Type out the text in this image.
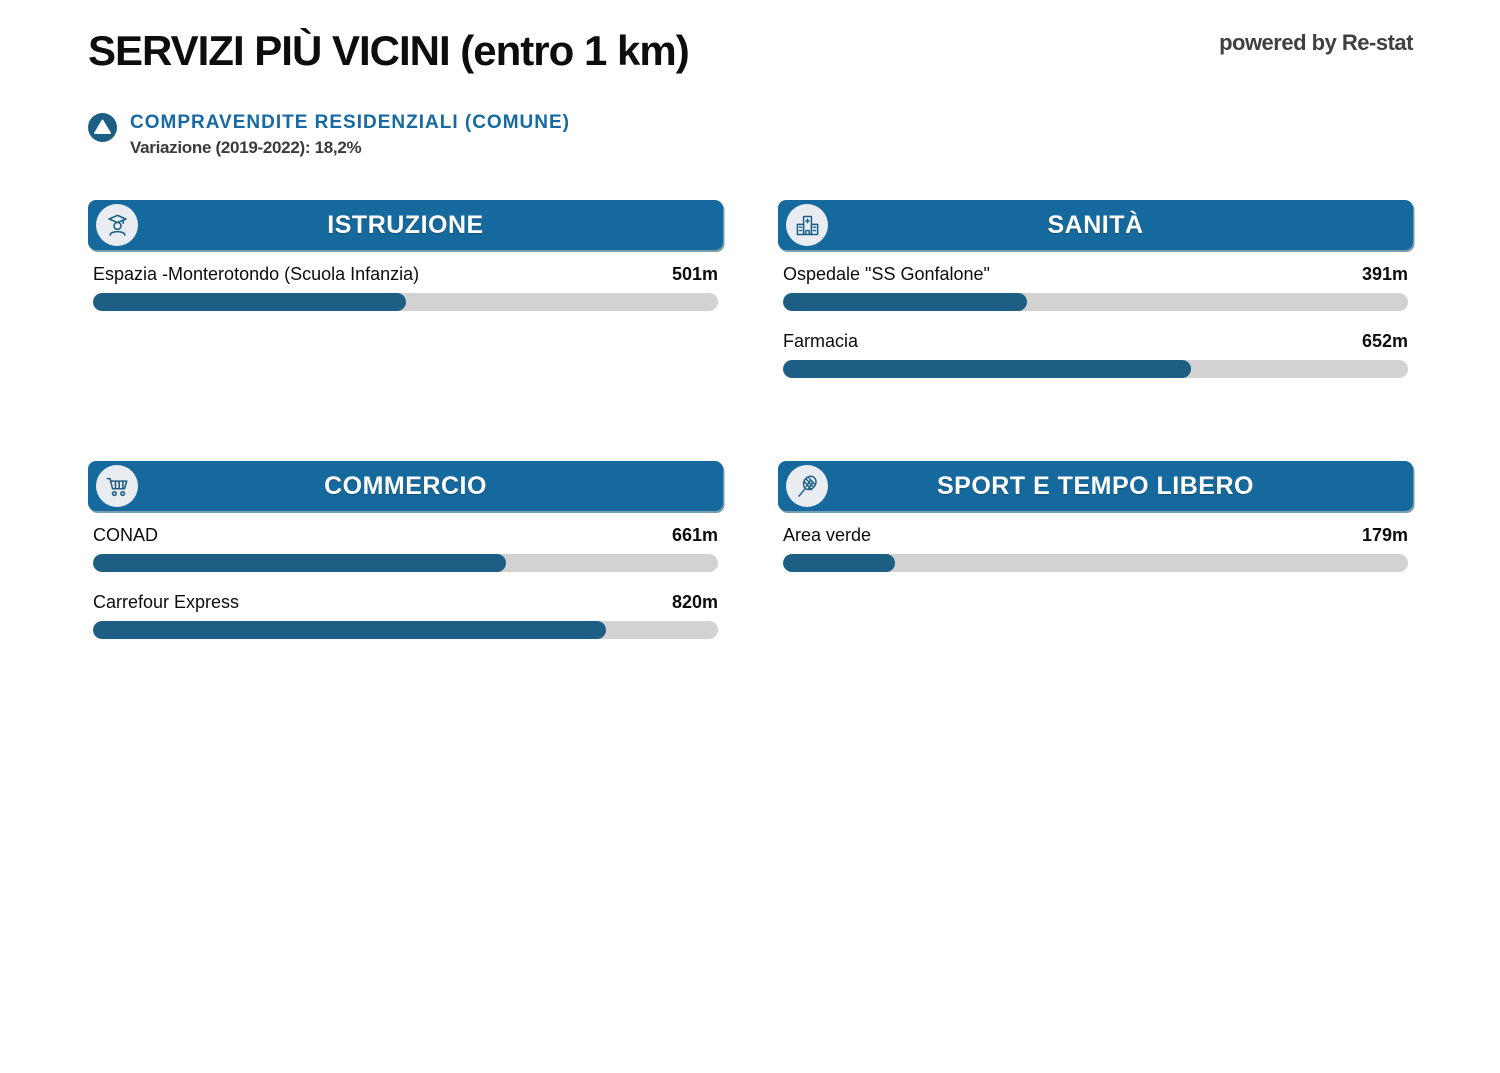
SERVIZI PIÙ VICINI (entro 1 km)	powered by Re-stat
COMPRAVENDITE RESIDENZIALI (COMUNE)
Variazione (2019-2022): 18,2%
ISTRUZIONE
Espazia -Monterotondo (Scuola Infanzia)	501m
SANITÀ
Ospedale "SS Gonfalone"	391m
Farmacia	652m
COMMERCIO
CONAD	661m
Carrefour Express	820m
SPORT E TEMPO LIBERO
Area verde	179m
